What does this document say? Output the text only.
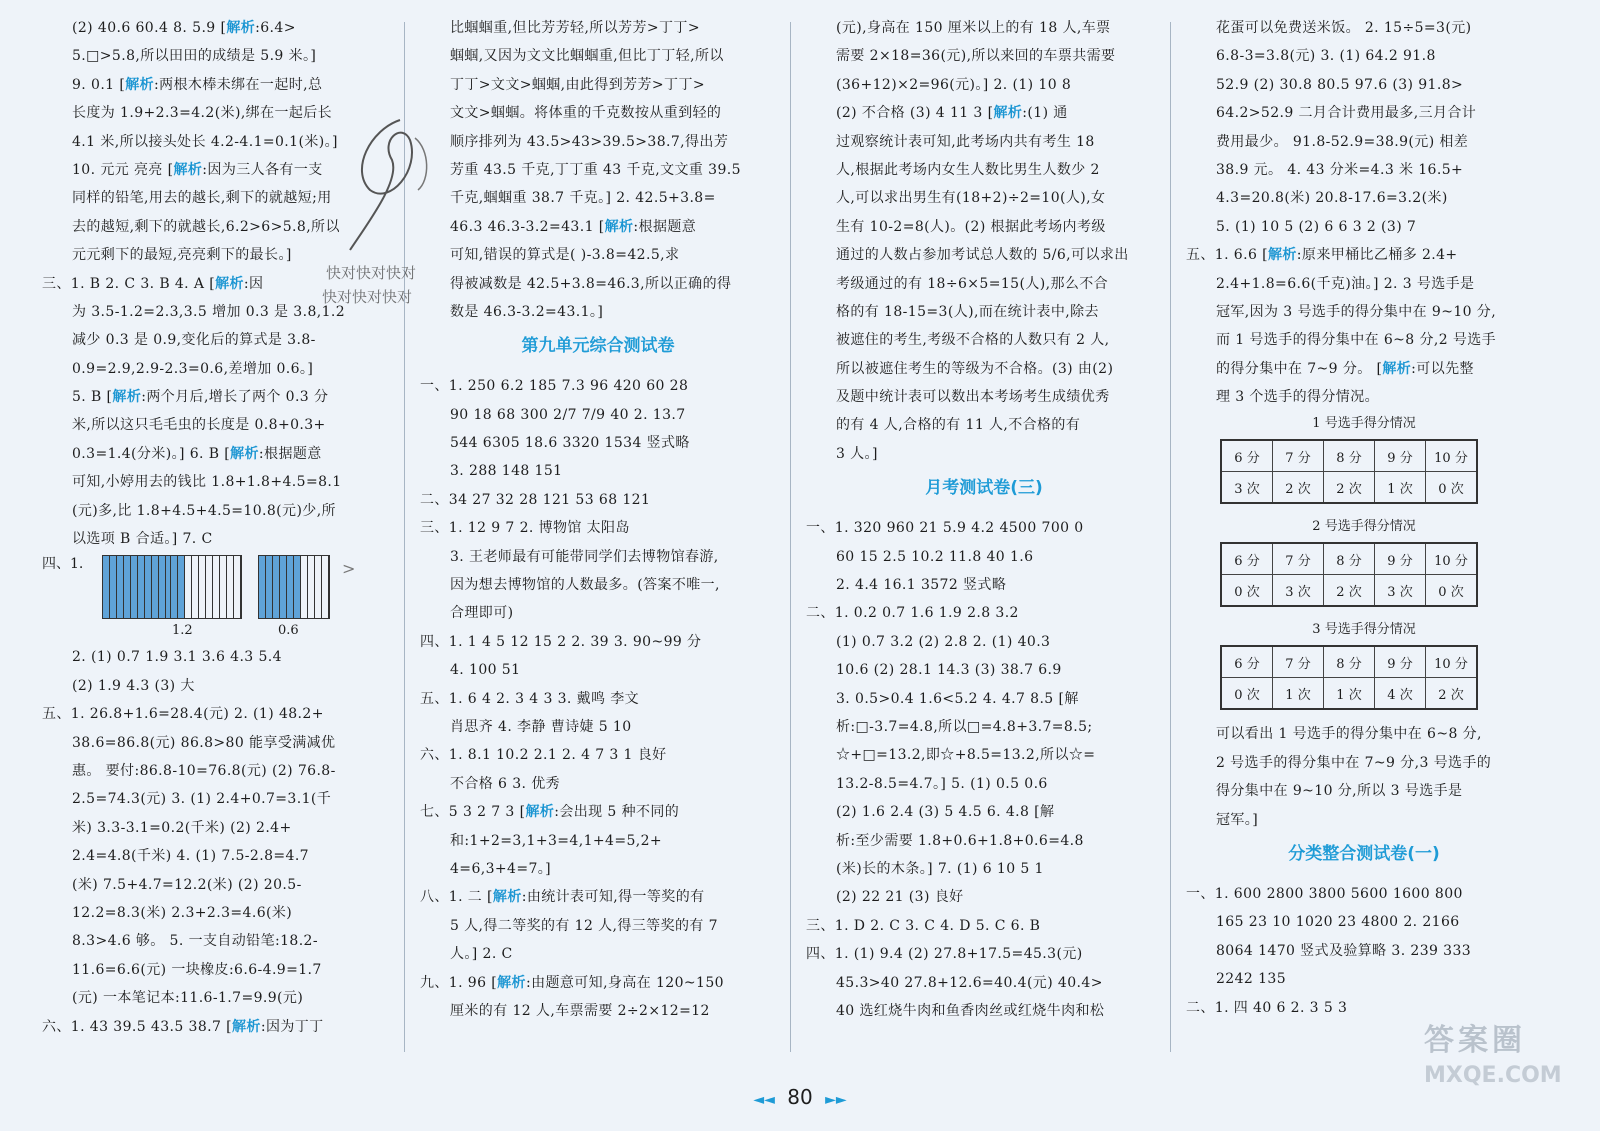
(2) 40.6 60.4 8. 5.9 [解析:6.4>
5.□>5.8,所以田田的成绩是 5.9 米。]
9. 0.1 [解析:两根木棒未绑在一起时,总
长度为 1.9+2.3=4.2(米),绑在一起后长
4.1 米,所以接头处长 4.2-4.1=0.1(米)。]
10. 元元 亮亮 [解析:因为三人各有一支
同样的铅笔,用去的越长,剩下的就越短;用
去的越短,剩下的就越长,6.2>6>5.8,所以
元元剩下的最短,亮亮剩下的最长。]
三、1. B 2. C 3. B 4. A [解析:因
为 3.5-1.2=2.3,3.5 增加 0.3 是 3.8,1.2
减少 0.3 是 0.9,变化后的算式是 3.8-
0.9=2.9,2.9-2.3=0.6,差增加 0.6。]
5. B [解析:两个月后,增长了两个 0.3 分
米,所以这只毛毛虫的长度是 0.8+0.3+
0.3=1.4(分米)。] 6. B [解析:根据题意
可知,小婷用去的钱比 1.8+1.8+4.5=8.1
(元)多,比 1.8+4.5+4.5=10.8(元)少,所
以选项 B 合适。] 7. C
四、1.
1.2	0.6
>
2. (1) 0.7 1.9 3.1 3.6 4.3 5.4
(2) 1.9 4.3 (3) 大
五、1. 26.8+1.6=28.4(元) 2. (1) 48.2+
38.6=86.8(元) 86.8>80 能享受满减优
惠。 要付:86.8-10=76.8(元) (2) 76.8-
2.5=74.3(元) 3. (1) 2.4+0.7=3.1(千
米) 3.3-3.1=0.2(千米) (2) 2.4+
2.4=4.8(千米) 4. (1) 7.5-2.8=4.7
(米) 7.5+4.7=12.2(米) (2) 20.5-
12.2=8.3(米) 2.3+2.3=4.6(米)
8.3>4.6 够。 5. 一支自动铅笔:18.2-
11.6=6.6(元) 一块橡皮:6.6-4.9=1.7
(元) 一本笔记本:11.6-1.7=9.9(元)
六、1. 43 39.5 43.5 38.7 [解析:因为丁丁
快对快对快对
快对快对快对
比蝈蝈重,但比芳芳轻,所以芳芳>丁丁>
蝈蝈,又因为文文比蝈蝈重,但比丁丁轻,所以
丁丁>文文>蝈蝈,由此得到芳芳>丁丁>
文文>蝈蝈。将体重的千克数按从重到轻的
顺序排列为 43.5>43>39.5>38.7,得出芳
芳重 43.5 千克,丁丁重 43 千克,文文重 39.5
千克,蝈蝈重 38.7 千克。] 2. 42.5+3.8=
46.3 46.3-3.2=43.1 [解析:根据题意
可知,错误的算式是( )-3.8=42.5,求
得被减数是 42.5+3.8=46.3,所以正确的得
数是 46.3-3.2=43.1。]
第九单元综合测试卷
一、1. 250 6.2 185 7.3 96 420 60 28
90 18 68 300 2/7 7/9 40 2. 13.7
544 6305 18.6 3320 1534 竖式略
3. 288 148 151
二、34 27 32 28 121 53 68 121
三、1. 12 9 7 2. 博物馆 太阳岛
3. 王老师最有可能带同学们去博物馆春游,
因为想去博物馆的人数最多。(答案不唯一,
合理即可)
四、1. 1 4 5 12 15 2 2. 39 3. 90~99 分
4. 100 51
五、1. 6 4 2. 3 4 3 3. 戴鸣 李文
肖思齐 4. 李静 曹诗婕 5 10
六、1. 8.1 10.2 2.1 2. 4 7 3 1 良好
不合格 6 3. 优秀
七、5 3 2 7 3 [解析:会出现 5 种不同的
和:1+2=3,1+3=4,1+4=5,2+
4=6,3+4=7。]
八、1. 二 [解析:由统计表可知,得一等奖的有
5 人,得二等奖的有 12 人,得三等奖的有 7
人。] 2. C
九、1. 96 [解析:由题意可知,身高在 120~150
厘米的有 12 人,车票需要 2÷2×12=12
(元),身高在 150 厘米以上的有 18 人,车票
需要 2×18=36(元),所以来回的车票共需要
(36+12)×2=96(元)。] 2. (1) 10 8
(2) 不合格 (3) 4 11 3 [解析:(1) 通
过观察统计表可知,此考场内共有考生 18
人,根据此考场内女生人数比男生人数少 2
人,可以求出男生有(18+2)÷2=10(人),女
生有 10-2=8(人)。(2) 根据此考场内考级
通过的人数占参加考试总人数的 5/6,可以求出
考级通过的有 18÷6×5=15(人),那么不合
格的有 18-15=3(人),而在统计表中,除去
被遮住的考生,考级不合格的人数只有 2 人,
所以被遮住考生的等级为不合格。(3) 由(2)
及题中统计表可以数出本考场考生成绩优秀
的有 4 人,合格的有 11 人,不合格的有
3 人。]
月考测试卷(三)
一、1. 320 960 21 5.9 4.2 4500 700 0
60 15 2.5 10.2 11.8 40 1.6
2. 4.4 16.1 3572 竖式略
二、1. 0.2 0.7 1.6 1.9 2.8 3.2
(1) 0.7 3.2 (2) 2.8 2. (1) 40.3
10.6 (2) 28.1 14.3 (3) 38.7 6.9
3. 0.5>0.4 1.6<5.2 4. 4.7 8.5 [解
析:□-3.7=4.8,所以□=4.8+3.7=8.5;
☆+□=13.2,即☆+8.5=13.2,所以☆=
13.2-8.5=4.7。] 5. (1) 0.5 0.6
(2) 1.6 2.4 (3) 5 4.5 6. 4.8 [解
析:至少需要 1.8+0.6+1.8+0.6=4.8
(米)长的木条。] 7. (1) 6 10 5 1
(2) 22 21 (3) 良好
三、1. D 2. C 3. C 4. D 5. C 6. B
四、1. (1) 9.4 (2) 27.8+17.5=45.3(元)
45.3>40 27.8+12.6=40.4(元) 40.4>
40 选红烧牛肉和鱼香肉丝或红烧牛肉和松
花蛋可以免费送米饭。 2. 15÷5=3(元)
6.8-3=3.8(元) 3. (1) 64.2 91.8
52.9 (2) 30.8 80.5 97.6 (3) 91.8>
64.2>52.9 二月合计费用最多,三月合计
费用最少。 91.8-52.9=38.9(元) 相差
38.9 元。 4. 43 分米=4.3 米 16.5+
4.3=20.8(米) 20.8-17.6=3.2(米)
5. (1) 10 5 (2) 6 6 3 2 (3) 7
五、1. 6.6 [解析:原来甲桶比乙桶多 2.4+
2.4+1.8=6.6(千克)油。] 2. 3 号选手是
冠军,因为 3 号选手的得分集中在 9~10 分,
而 1 号选手的得分集中在 6~8 分,2 号选手
的得分集中在 7~9 分。 [解析:可以先整
理 3 个选手的得分情况。
1 号选手得分情况
6 分	7 分	8 分	9 分	10 分
3 次	2 次	2 次	1 次	0 次
2 号选手得分情况
6 分	7 分	8 分	9 分	10 分
0 次	3 次	2 次	3 次	0 次
3 号选手得分情况
6 分	7 分	8 分	9 分	10 分
0 次	1 次	1 次	4 次	2 次
可以看出 1 号选手的得分集中在 6~8 分,
2 号选手的得分集中在 7~9 分,3 号选手的
得分集中在 9~10 分,所以 3 号选手是
冠军。]
分类整合测试卷(一)
一、1. 600 2800 3800 5600 1600 800
165 23 10 1020 23 4800 2. 2166
8064 1470 竖式及验算略 3. 239 333
2242 135
二、1. 四 40 6 2. 3 5 3
◄◄ 80 ►►
答案圈
MXQE.COM
